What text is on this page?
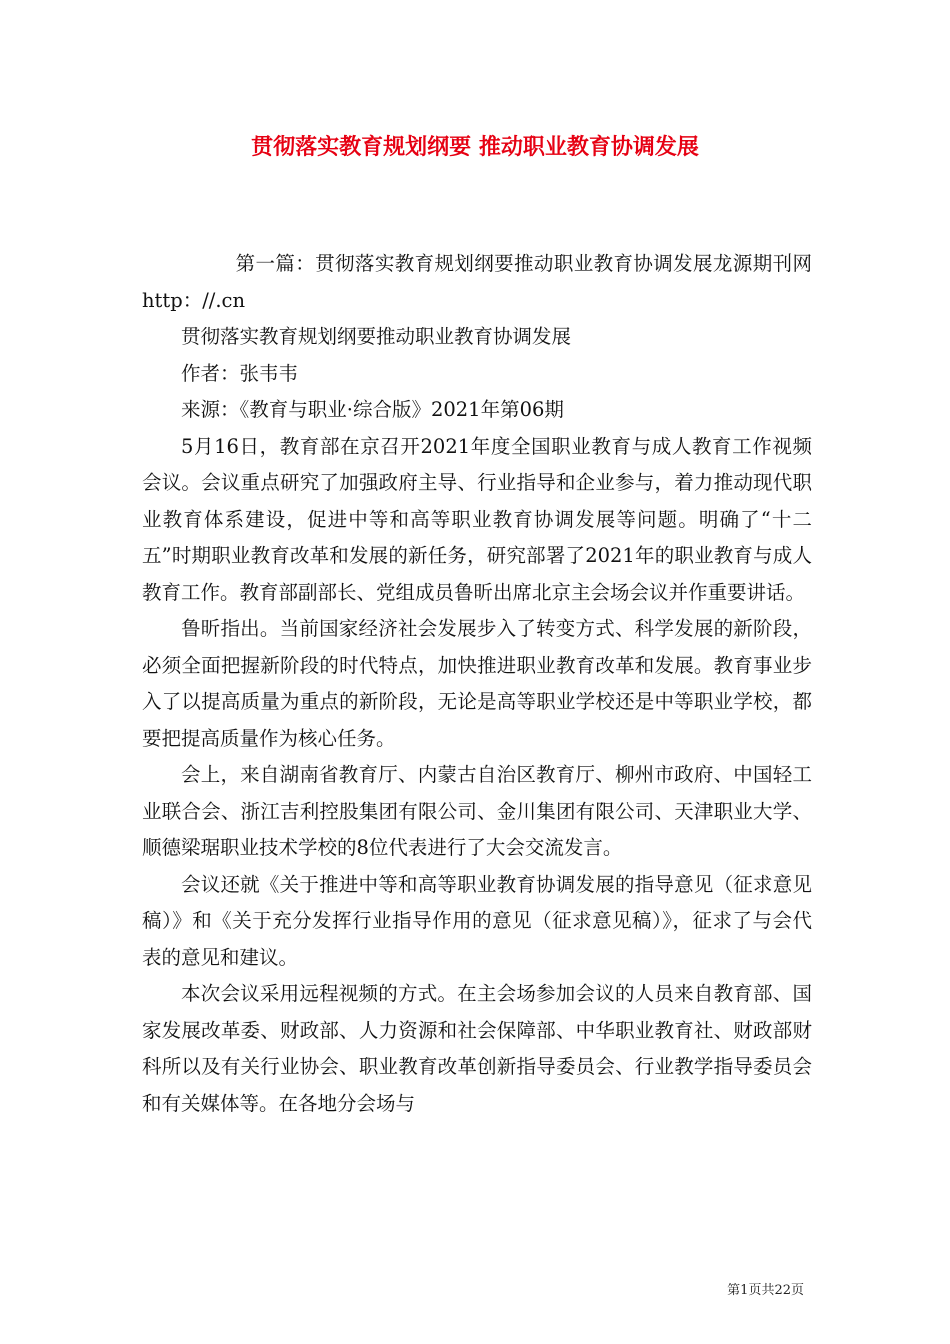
贯彻落实教育规划纲要 推动职业教育协调发展

第一篇：贯彻落实教育规划纲要推动职业教育协调发展龙源期刊网 http：//.cn

贯彻落实教育规划纲要推动职业教育协调发展

作者：张韦韦

来源：《教育与职业·综合版》2021年第06期

5月16日，教育部在京召开2021年度全国职业教育与成人教育工作视频会议。会议重点研究了加强政府主导、行业指导和企业参与，着力推动现代职业教育体系建设，促进中等和高等职业教育协调发展等问题。明确了“十二五”时期职业教育改革和发展的新任务，研究部署了2021年的职业教育与成人教育工作。教育部副部长、党组成员鲁昕出席北京主会场会议并作重要讲话。

鲁昕指出。当前国家经济社会发展步入了转变方式、科学发展的新阶段，必须全面把握新阶段的时代特点，加快推进职业教育改革和发展。教育事业步入了以提高质量为重点的新阶段，无论是高等职业学校还是中等职业学校，都要把提高质量作为核心任务。

会上，来自湖南省教育厅、内蒙古自治区教育厅、柳州市政府、中国轻工业联合会、浙江吉利控股集团有限公司、金川集团有限公司、天津职业大学、顺德梁琚职业技术学校的8位代表进行了大会交流发言。

会议还就《关于推进中等和高等职业教育协调发展的指导意见（征求意见稿）》和《关于充分发挥行业指导作用的意见（征求意见稿）》，征求了与会代表的意见和建议。

本次会议采用远程视频的方式。在主会场参加会议的人员来自教育部、国家发展改革委、财政部、人力资源和社会保障部、中华职业教育社、财政部财科所以及有关行业协会、职业教育改革创新指导委员会、行业教学指导委员会和有关媒体等。在各地分会场与

第1页共22页
